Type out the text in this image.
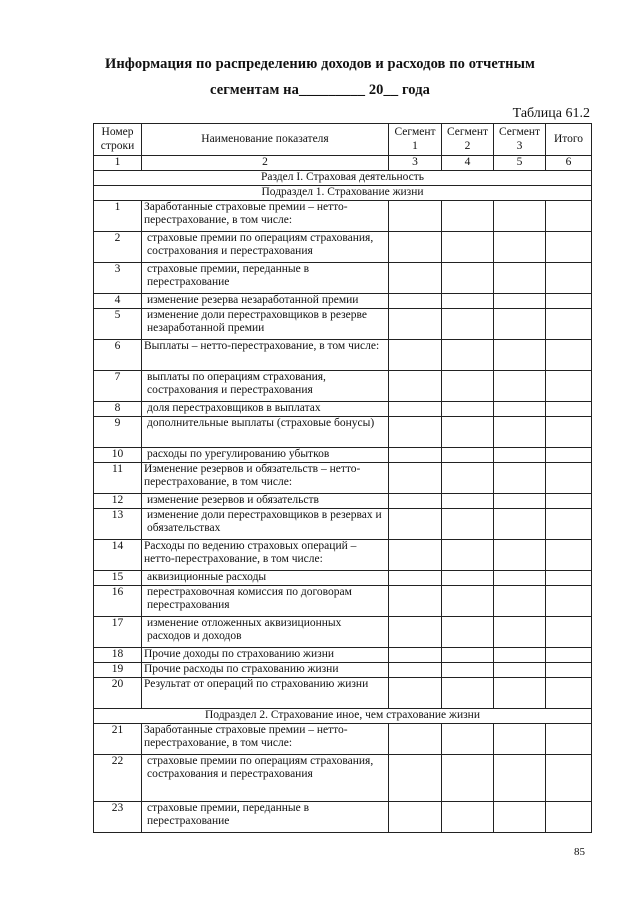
Информация по распределению доходов и расходов по отчетным
сегментам на_________ 20__ года
Таблица 61.2
Номер строки	Наименование показателя	Сегмент 1	Сегмент 2	Сегмент 3	Итого
1	2	3	4	5	6
Раздел I. Страховая деятельность					
Подраздел 1. Страхование жизни					
1	Заработанные страховые премии – нетто-перестрахование, в том числе:				
2	страховые премии по операциям страхования, сострахования и перестрахования				
3	страховые премии, переданные в перестрахование				
4	изменение резерва незаработанной премии				
5	изменение доли перестраховщиков в резерве незаработанной премии				
6	Выплаты – нетто-перестрахование, в том числе:				
7	выплаты по операциям страхования, сострахования и перестрахования				
8	доля перестраховщиков в выплатах				
9	дополнительные выплаты (страховые бонусы)				
10	расходы по урегулированию убытков				
11	Изменение резервов и обязательств – нетто-перестрахование, в том числе:				
12	изменение резервов и обязательств				
13	изменение доли перестраховщиков в резервах и обязательствах				
14	Расходы по ведению страховых операций – нетто-перестрахование, в том числе:				
15	аквизиционные расходы				
16	перестраховочная комиссия по договорам перестрахования				
17	изменение отложенных аквизиционных расходов и доходов				
18	Прочие доходы по страхованию жизни				
19	Прочие расходы по страхованию жизни				
20	Результат от операций по страхованию жизни				
Подраздел 2. Страхование иное, чем страхование жизни					
21	Заработанные страховые премии – нетто-перестрахование, в том числе:				
22	страховые премии по операциям страхования, сострахования и перестрахования				
23	страховые премии, переданные в перестрахование				
85
